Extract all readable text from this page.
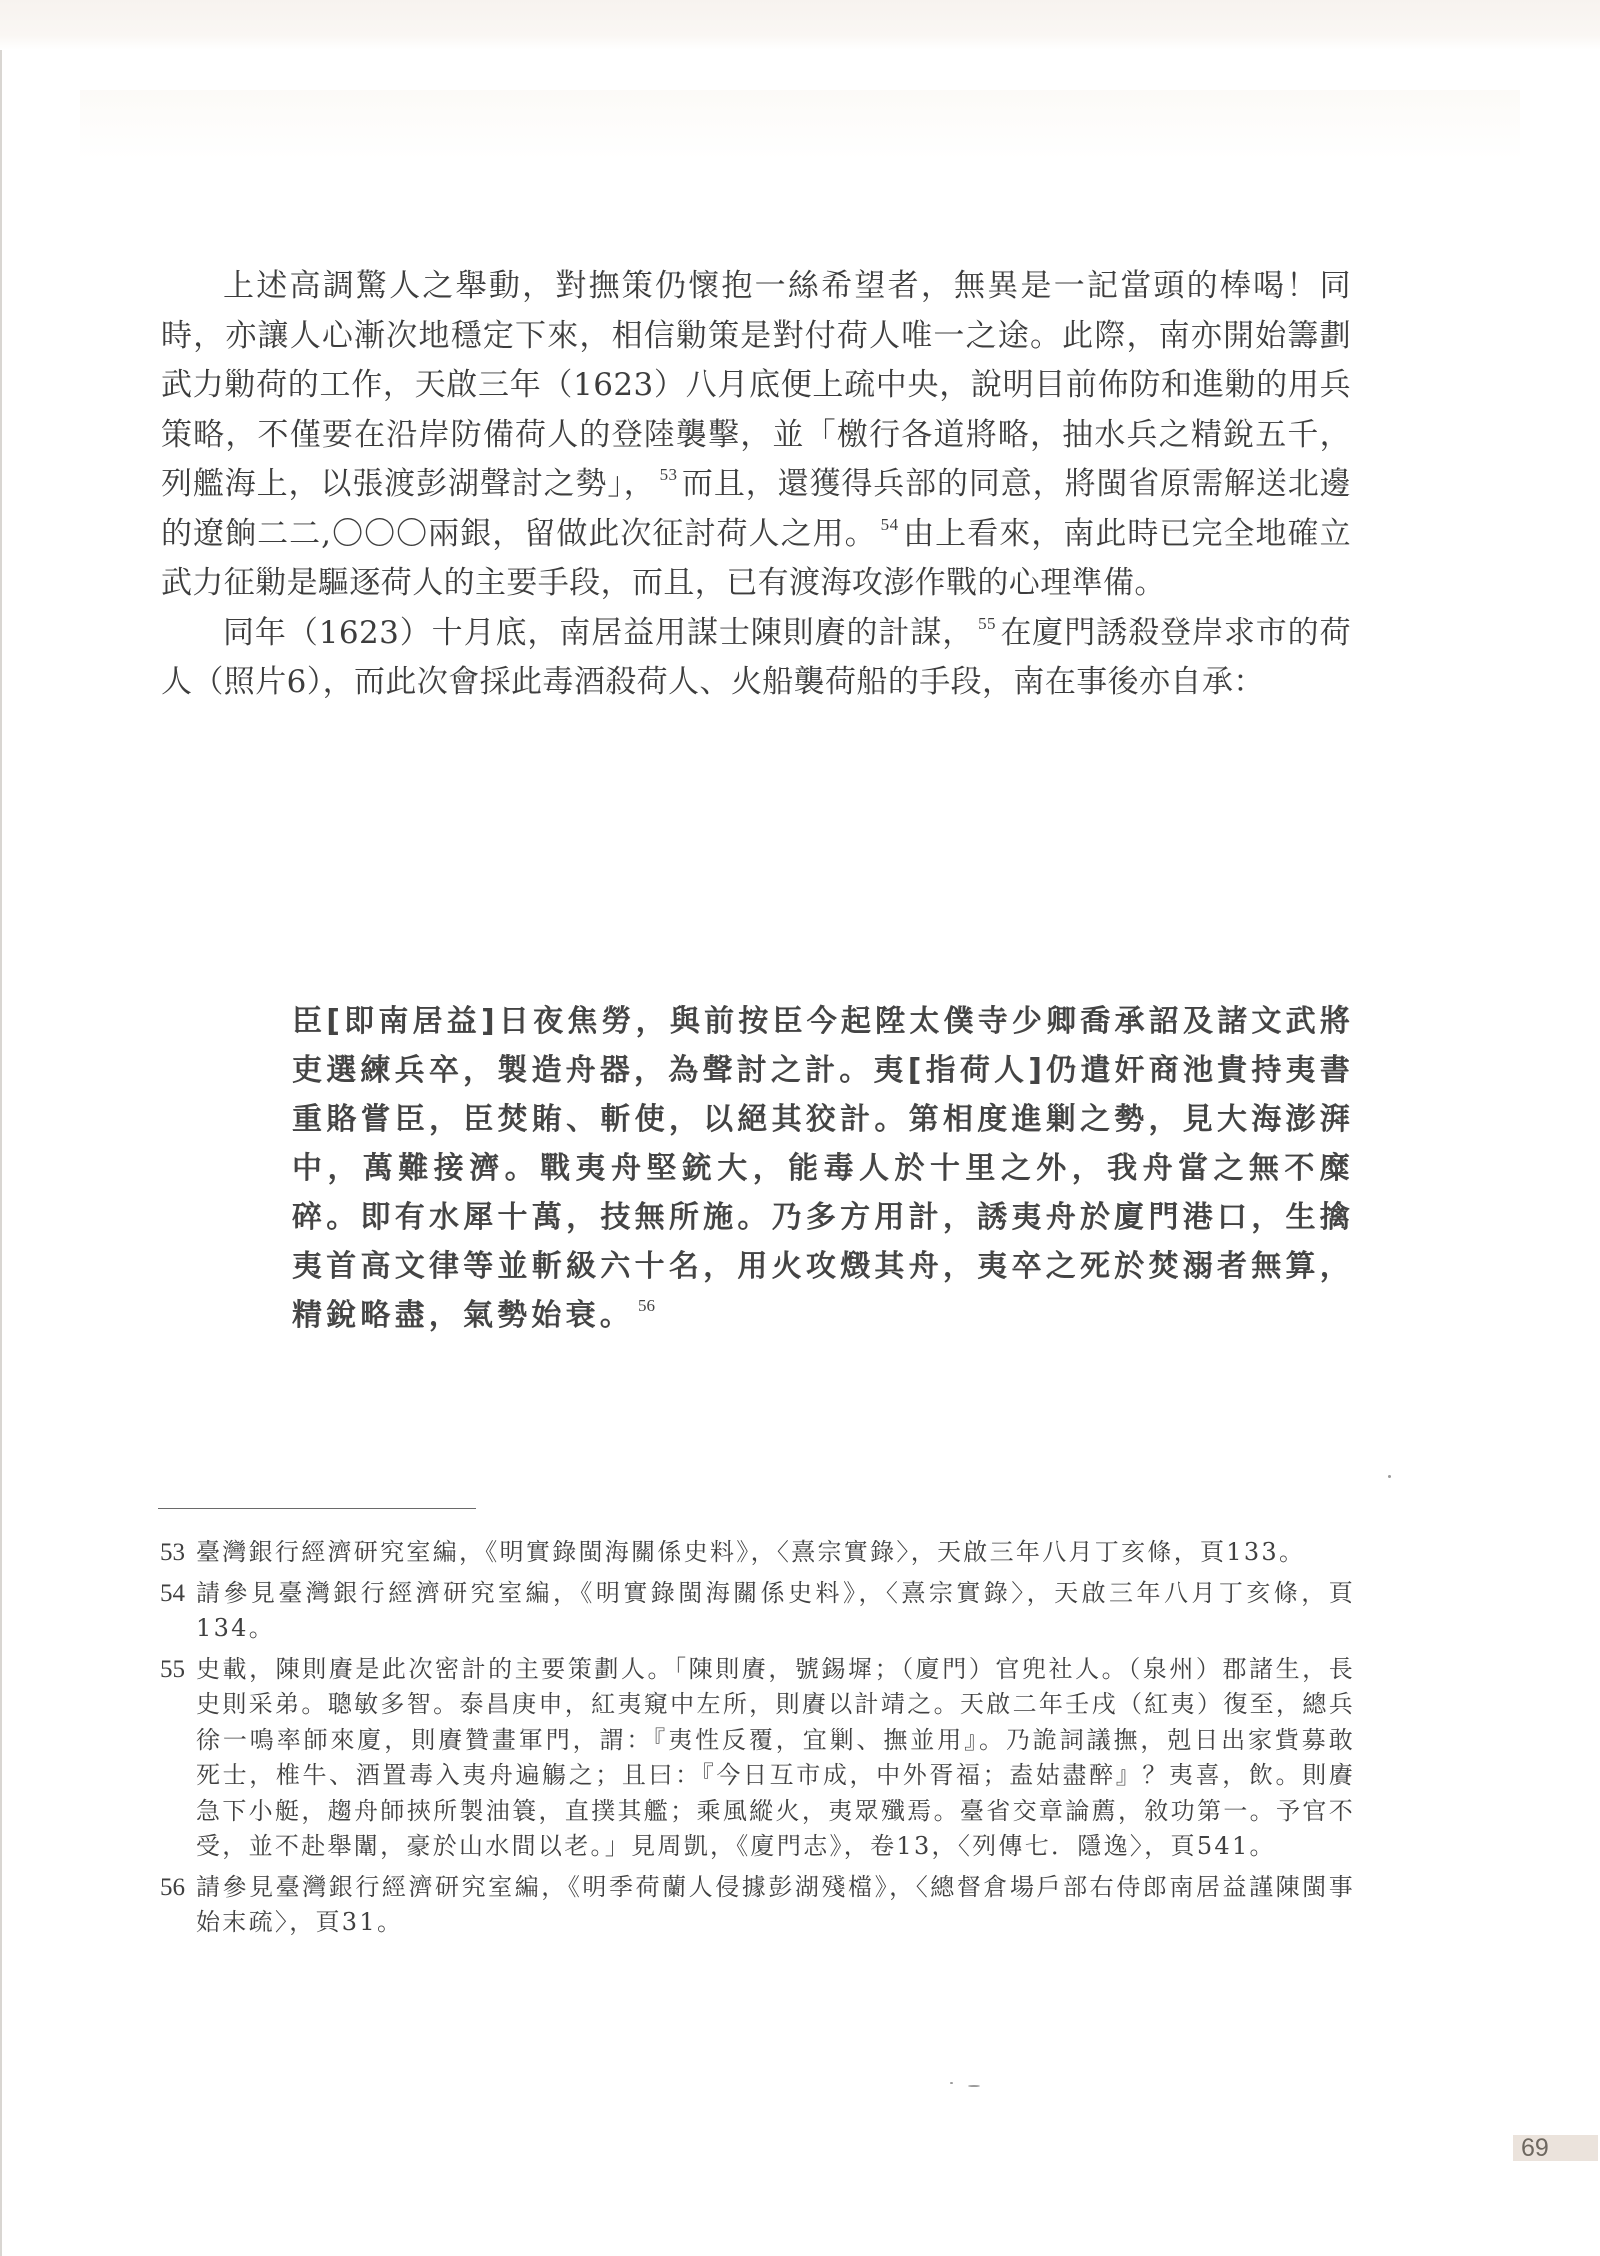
上述高調驚人之舉動，對撫策仍懷抱一絲希望者，無異是一記當頭的棒喝！同時，亦讓人心漸次地穩定下來，相信勦策是對付荷人唯一之途。此際，南亦開始籌劃武力勦荷的工作，天啟三年（1623）八月底便上疏中央，說明目前佈防和進勦的用兵策略，不僅要在沿岸防備荷人的登陸襲擊，並「檄行各道將略，抽水兵之精銳五千，列艦海上，以張渡彭湖聲討之勢」， $^{53}$ 而且，還獲得兵部的同意，將閩省原需解送北邊的遼餉二二,〇〇〇兩銀，留做此次征討荷人之用。 $^{54}$ 由上看來，南此時已完全地確立武力征勦是驅逐荷人的主要手段，而且，已有渡海攻澎作戰的心理準備。

同年（1623）十月底，南居益用謀士陳則賡的計謀， $^{55}$ 在廈門誘殺登岸求市的荷人（照片6），而此次會採此毒酒殺荷人、火船襲荷船的手段，南在事後亦自承：

臣[即南居益]日夜焦勞，與前按臣今起陞太僕寺少卿喬承詔及諸文武將吏選練兵卒，製造舟器，為聲討之計。夷[指荷人]仍遣奸商池貴持夷書重賂嘗臣，臣焚賄、斬使，以絕其狡計。第相度進剿之勢，見大海澎湃中，萬難接濟。戰夷舟堅銃大，能毒人於十里之外，我舟當之無不糜碎。即有水犀十萬，技無所施。乃多方用計，誘夷舟於廈門港口，生擒夷首高文律等並斬級六十名，用火攻燬其舟，夷卒之死於焚溺者無算，精銳略盡，氣勢始衰。 $^{56}$

53 臺灣銀行經濟研究室編，《明實錄閩海關係史料》，〈熹宗實錄〉，天啟三年八月丁亥條，頁133。
54 請參見臺灣銀行經濟研究室編，《明實錄閩海關係史料》，〈熹宗實錄〉，天啟三年八月丁亥條，頁134。
55 史載，陳則賡是此次密計的主要策劃人。「陳則賡，號錫墀；（廈門）官兜社人。（泉州）郡諸生，長史則采弟。聰敏多智。泰昌庚申，紅夷窺中左所，則賡以計靖之。天啟二年壬戌（紅夷）復至，總兵徐一鳴率師來廈，則賡贊畫軍門，謂：『夷性反覆，宜剿、撫並用』。乃詭詞議撫，剋日出家貲募敢死士，椎牛、酒置毒入夷舟遍觴之；且曰：『今日互市成，中外胥福；盍姑盡醉』？夷喜，飲。則賡急下小艇，趨舟師挾所製油簑，直撲其艦；乘風縱火，夷眾殲焉。臺省交章論薦，敘功第一。予官不受，並不赴舉闈，豪於山水間以老。」見周凱，《廈門志》，卷13，〈列傳七．隱逸〉，頁541。
56 請參見臺灣銀行經濟研究室編，《明季荷蘭人侵據彭湖殘檔》，〈總督倉場戶部右侍郎南居益謹陳閩事始末疏〉，頁31。
69
